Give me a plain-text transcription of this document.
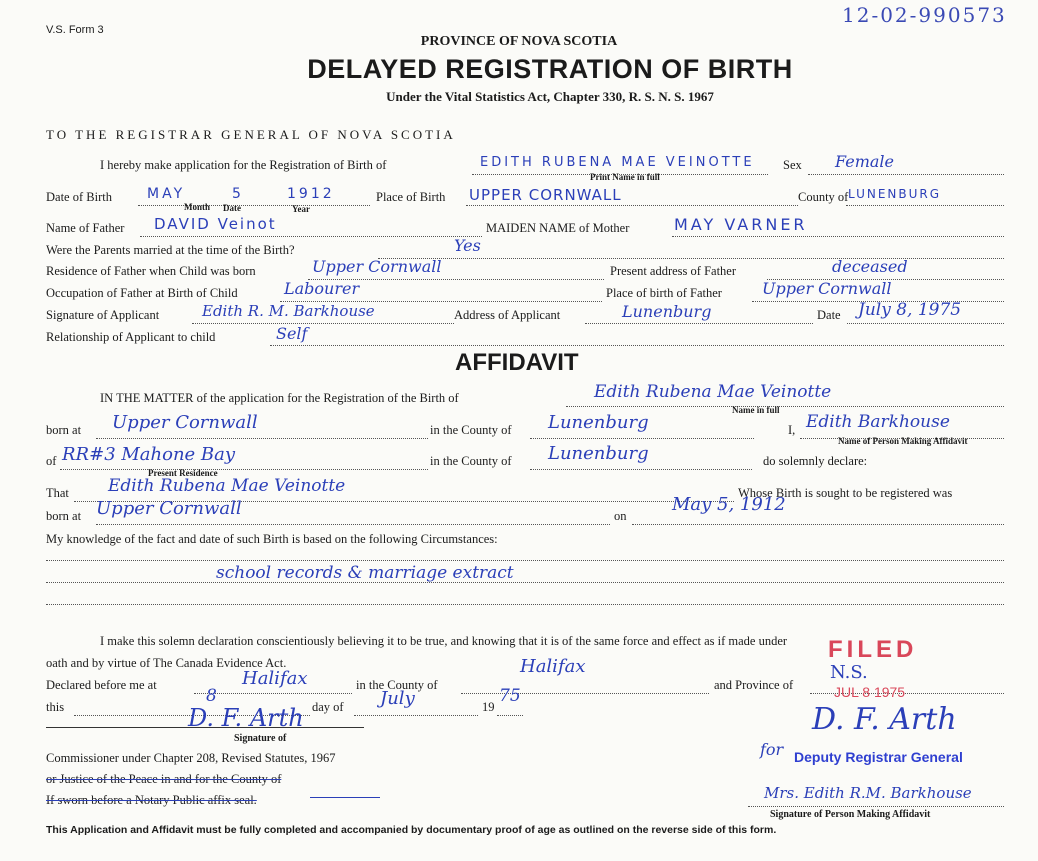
V.S. Form 3
12-02-990573
PROVINCE OF NOVA SCOTIA
DELAYED REGISTRATION OF BIRTH
Under the Vital Statistics Act, Chapter 330, R. S. N. S. 1967
TO THE REGISTRAR GENERAL OF NOVA SCOTIA
I hereby make application for the Registration of Birth of	EDITH RUBENA MAE VEINOTTE Sex Female
Print Name in full
Date of Birth	MAY	5	1912	Place of Birth UPPER CORNWALL	County of LUNENBURG
Month Date	Year
Name of Father DAVID Veinot	MAIDEN NAME of Mother	MAY VARNER
Were the Parents married at the time of the Birth?	Yes
Residence of Father when Child was born	Upper Cornwall	Present address of Father	deceased
Occupation of Father at Birth of Child	Labourer	Place of birth of Father	Upper Cornwall
Signature of Applicant	Edith R. M. Barkhouse	Address of Applicant	Lunenburg	Date July 8, 1975
Relationship of Applicant to child	Self
AFFIDAVIT
IN THE MATTER of the application for the Registration of the Birth of	Edith Rubena Mae Veinotte
Name in full
born at Upper Cornwall	in the County of Lunenburg	I, Edith Barkhouse
Name of Person Making Affidavit
of RR#3 Mahone Bay
Present Residence
in the County of Lunenburg	do solemnly declare:
That Edith Rubena Mae Veinotte	Whose Birth is sought to be registered was
born at Upper Cornwall	on
May 5, 1912
My knowledge of the fact and date of such Birth is based on the following Circumstances:
school records & marriage extract
I make this solemn declaration conscientiously believing it to be true, and knowing that it is of the same force and effect as if made under
oath and by virtue of The Canada Evidence Act.
Declared before me at	Halifax	in the County of
Halifax
and Province of
N.S.
this
8
day of July	19
75
D. F. Arth
Signature of
Commissioner under Chapter 208, Revised Statutes, 1967
or Justice of the Peace in and for the County of
If sworn before a Notary Public affix seal.
FILED
JUL 8 1975
D. F. Arth
for Deputy Registrar General
Mrs. Edith R.M. Barkhouse
Signature of Person Making Affidavit
This Application and Affidavit must be fully completed and accompanied by documentary proof of age as outlined on the reverse side of this form.
